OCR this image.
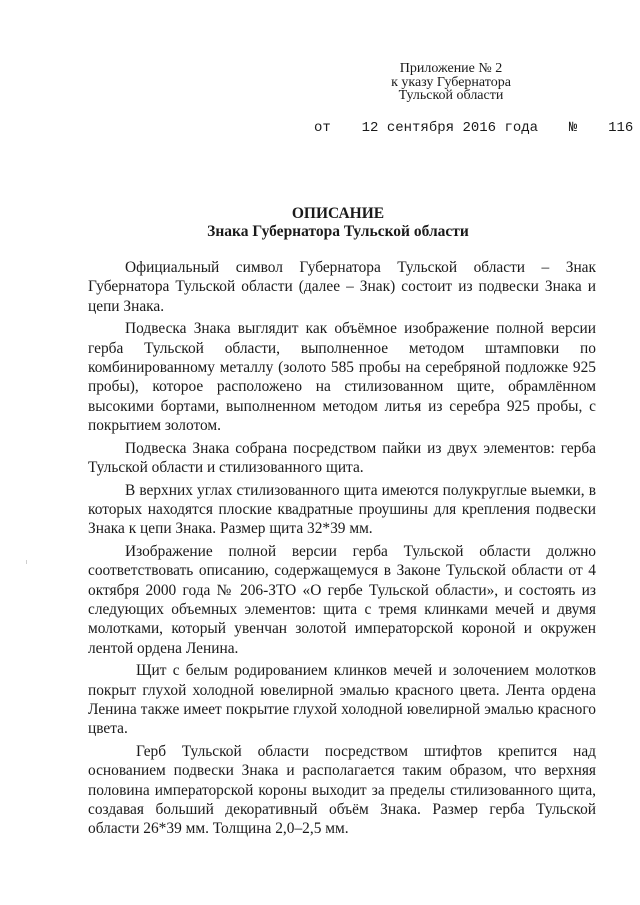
Приложение № 2
к указу Губернатора
Тульской области
от 12 сентября 2016 года № 116
ОПИСАНИЕ
Знака Губернатора Тульской области

Официальный символ Губернатора Тульской области – Знак Губернатора Тульской области (далее – Знак) состоит из подвески Знака и цепи Знака.

Подвеска Знака выглядит как объёмное изображение полной версии герба Тульской области, выполненное методом штамповки по комбинированному металлу (золото 585 пробы на серебряной подложке 925 пробы), которое расположено на стилизованном щите, обрамлённом высокими бортами, выполненном методом литья из серебра 925 пробы, с покрытием золотом.

Подвеска Знака собрана посредством пайки из двух элементов: герба Тульской области и стилизованного щита.

В верхних углах стилизованного щита имеются полукруглые выемки, в которых находятся плоские квадратные проушины для крепления подвески Знака к цепи Знака. Размер щита 32*39 мм.

Изображение полной версии герба Тульской области должно соответствовать описанию, содержащемуся в Законе Тульской области от 4 октября 2000 года № 206-ЗТО «О гербе Тульской области», и состоять из следующих объемных элементов: щита с тремя клинками мечей и двумя молотками, который увенчан золотой императорской короной и окружен лентой ордена Ленина.

Щит с белым родированием клинков мечей и золочением молотков покрыт глухой холодной ювелирной эмалью красного цвета. Лента ордена Ленина также имеет покрытие глухой холодной ювелирной эмалью красного цвета.

Герб Тульской области посредством штифтов крепится над основанием подвески Знака и располагается таким образом, что верхняя половина императорской короны выходит за пределы стилизованного щита, создавая больший декоративный объём Знака. Размер герба Тульской области 26*39 мм. Толщина 2,0–2,5 мм.
